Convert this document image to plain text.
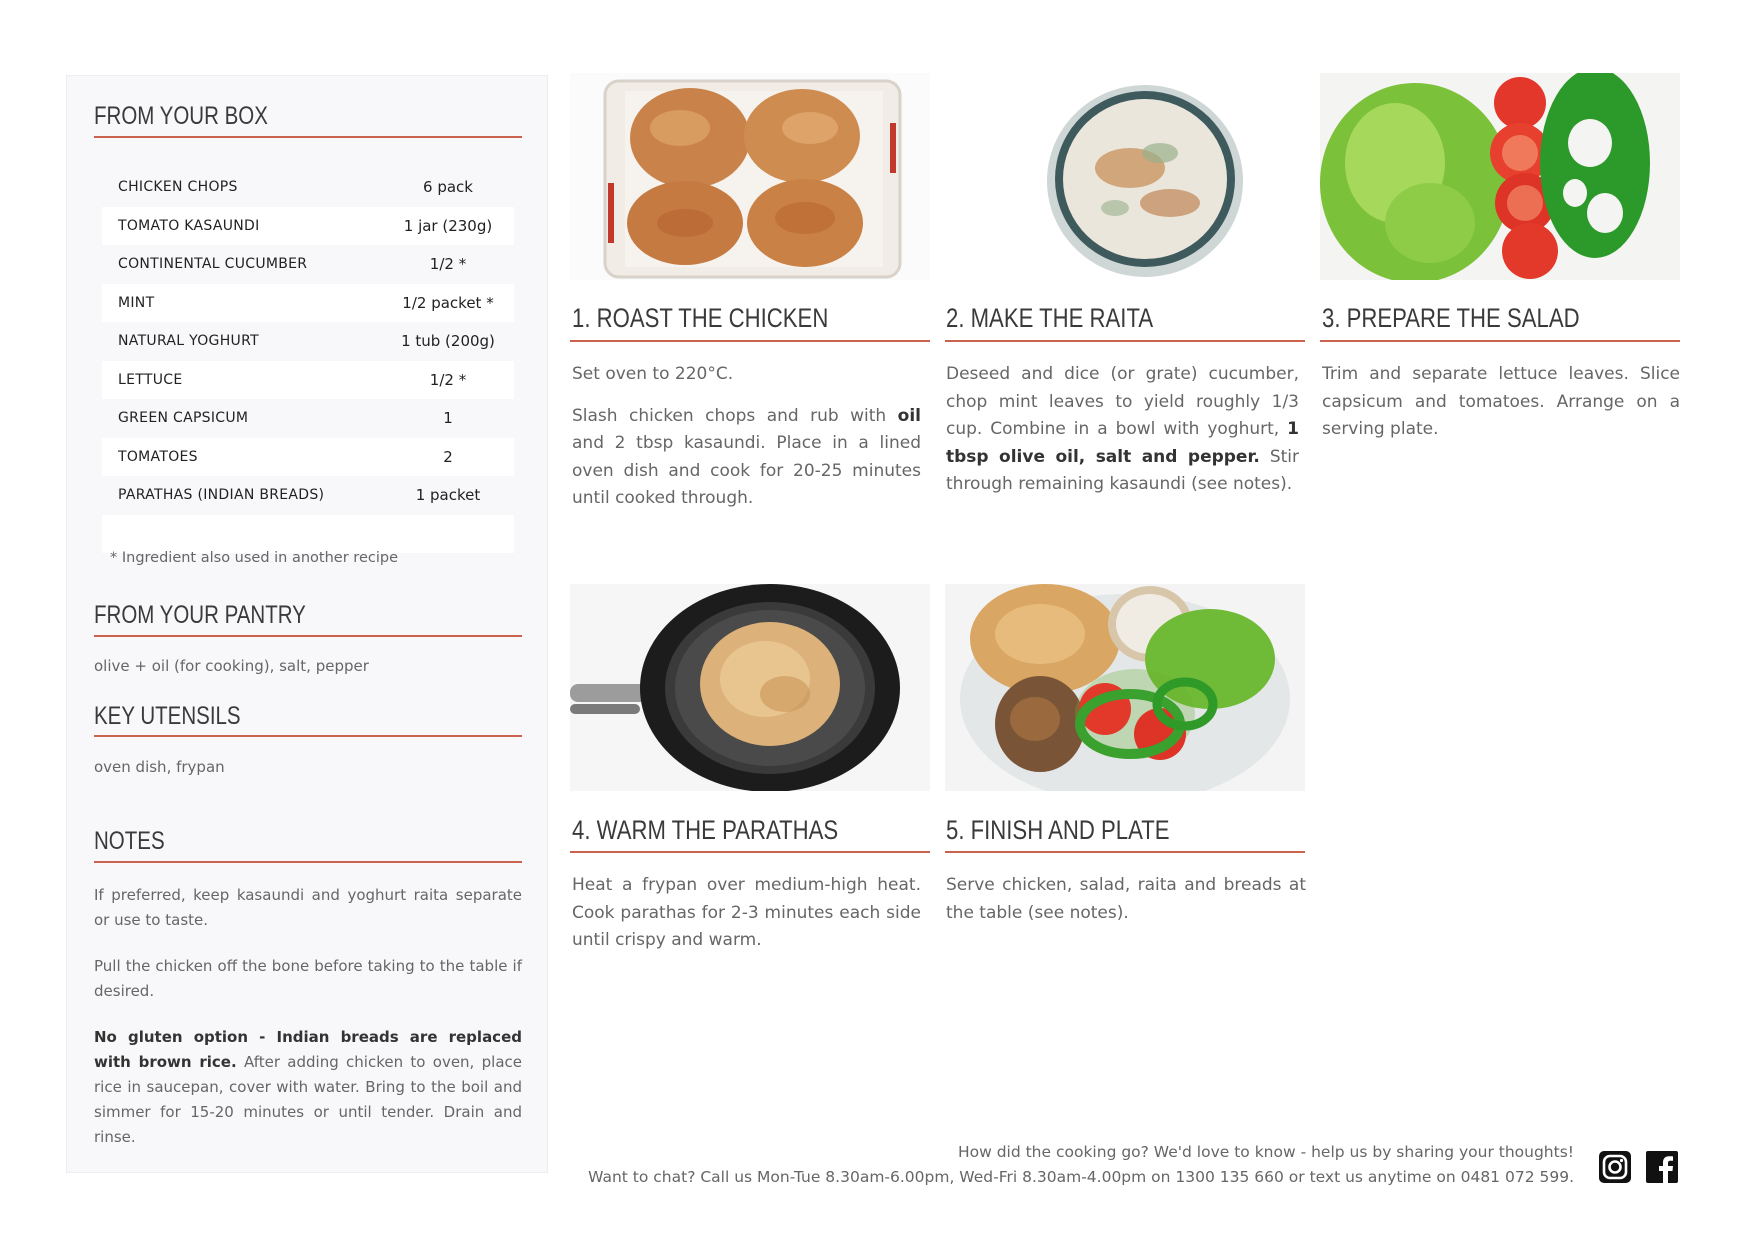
FROM YOUR BOX
CHICKEN CHOPS	6 pack
TOMATO KASAUNDI	1 jar (230g)
CONTINENTAL CUCUMBER	1/2 *
MINT	1/2 packet *
NATURAL YOGHURT	1 tub (200g)
LETTUCE	1/2 *
GREEN CAPSICUM	1
TOMATOES	2
PARATHAS (INDIAN BREADS)	1 packet
* Ingredient also used in another recipe
FROM YOUR PANTRY
olive + oil (for cooking), salt, pepper
KEY UTENSILS
oven dish, frypan
NOTES
If preferred, keep kasaundi and yoghurt raita separate or use to taste.
Pull the chicken off the bone before taking to the table if desired.
No gluten option - Indian breads are replaced with brown rice. After adding chicken to oven, place rice in saucepan, cover with water. Bring to the boil and simmer for 15-20 minutes or until tender. Drain and rinse.
1. ROAST THE CHICKEN

Set oven to 220°C.

Slash chicken chops and rub with oil and 2 tbsp kasaundi. Place in a lined oven dish and cook for 20-25 minutes until cooked through.

2. MAKE THE RAITA

Deseed and dice (or grate) cucumber, chop mint leaves to yield roughly 1/3 cup. Combine in a bowl with yoghurt, 1 tbsp olive oil, salt and pepper. Stir through remaining kasaundi (see notes).

3. PREPARE THE SALAD

Trim and separate lettuce leaves. Slice capsicum and tomatoes. Arrange on a serving plate.

4. WARM THE PARATHAS

Heat a frypan over medium-high heat. Cook parathas for 2-3 minutes each side until crispy and warm.

5. FINISH AND PLATE

Serve chicken, salad, raita and breads at the table (see notes).

How did the cooking go? We'd love to know - help us by sharing your thoughts!
Want to chat? Call us Mon-Tue 8.30am-6.00pm, Wed-Fri 8.30am-4.00pm on 1300 135 660 or text us anytime on 0481 072 599.
